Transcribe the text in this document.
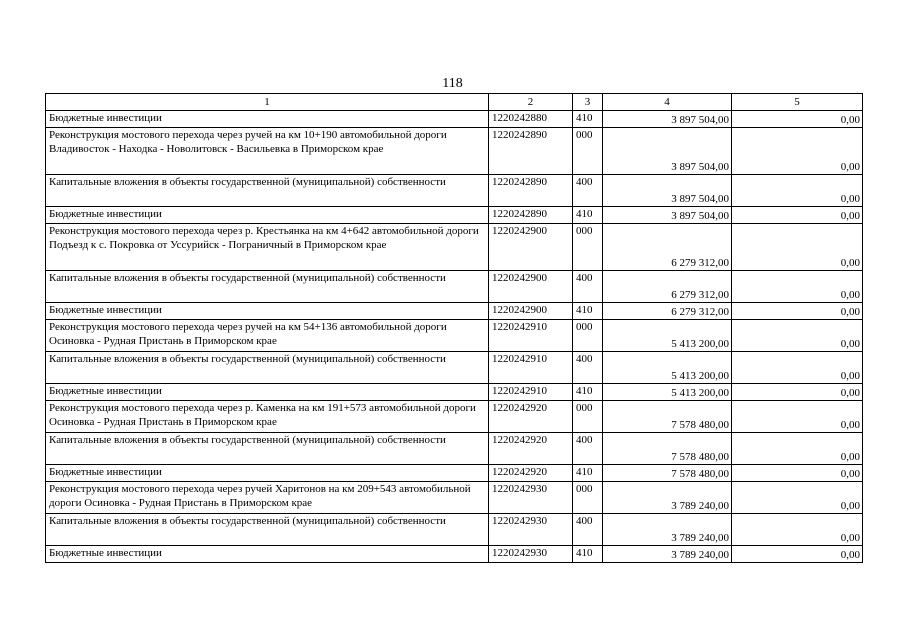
118
1	2	3	4	5
Бюджетные инвестиции	1220242880	410	3 897 504,00	0,00
Реконструкция мостового перехода через ручей на км 10+190 автомобильной дороги Владивосток - Находка - Новолитовск - Васильевка в Приморском крае	1220242890	000	3 897 504,00	0,00
Капитальные вложения в объекты государственной (муниципальной) собственности	1220242890	400	3 897 504,00	0,00
Бюджетные инвестиции	1220242890	410	3 897 504,00	0,00
Реконструкция мостового перехода через р. Крестьянка на км 4+642 автомобильной дороги Подъезд к с. Покровка от Уссурийск - Пограничный в Приморском крае	1220242900	000	6 279 312,00	0,00
Капитальные вложения в объекты государственной (муниципальной) собственности	1220242900	400	6 279 312,00	0,00
Бюджетные инвестиции	1220242900	410	6 279 312,00	0,00
Реконструкция мостового перехода через ручей на км 54+136 автомобильной дороги Осиновка - Рудная Пристань в Приморском крае	1220242910	000	5 413 200,00	0,00
Капитальные вложения в объекты государственной (муниципальной) собственности	1220242910	400	5 413 200,00	0,00
Бюджетные инвестиции	1220242910	410	5 413 200,00	0,00
Реконструкция мостового перехода через р. Каменка на км 191+573 автомобильной дороги Осиновка - Рудная Пристань в Приморском крае	1220242920	000	7 578 480,00	0,00
Капитальные вложения в объекты государственной (муниципальной) собственности	1220242920	400	7 578 480,00	0,00
Бюджетные инвестиции	1220242920	410	7 578 480,00	0,00
Реконструкция мостового перехода через ручей Харитонов на км 209+543 автомобильной дороги Осиновка - Рудная Пристань в Приморском крае	1220242930	000	3 789 240,00	0,00
Капитальные вложения в объекты государственной (муниципальной) собственности	1220242930	400	3 789 240,00	0,00
Бюджетные инвестиции	1220242930	410	3 789 240,00	0,00
